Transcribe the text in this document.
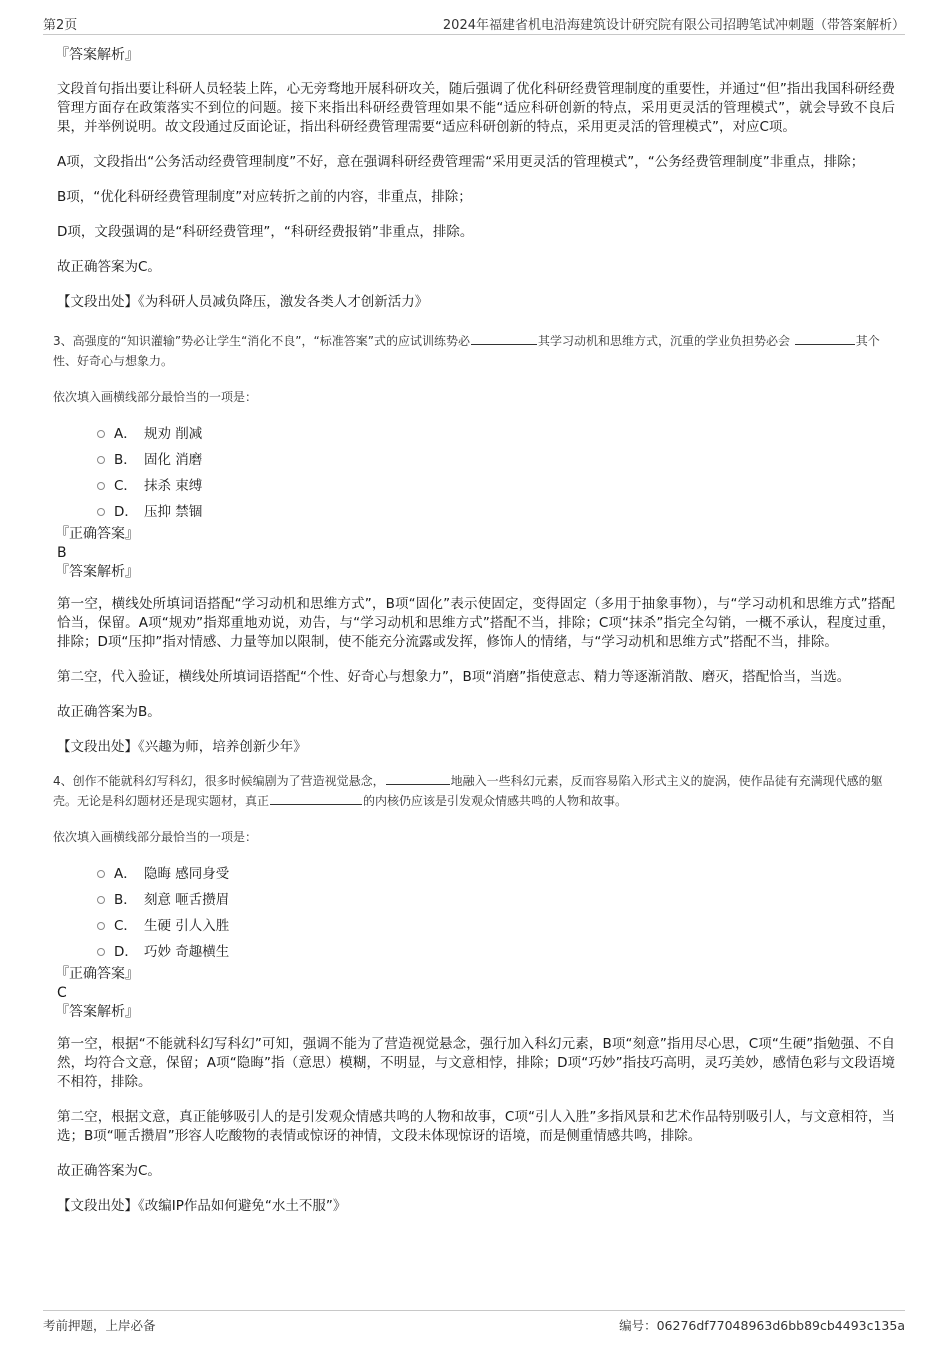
第2页	2024年福建省机电沿海建筑设计研究院有限公司招聘笔试冲刺题（带答案解析）

『答案解析』

文段首句指出要让科研人员轻装上阵，心无旁骛地开展科研攻关，随后强调了优化科研经费管理制度的重要性，并通过“但”指出我国科研经费管理方面存在政策落实不到位的问题。接下来指出科研经费管理如果不能“适应科研创新的特点，采用更灵活的管理模式”，就会导致不良后果，并举例说明。故文段通过反面论证，指出科研经费管理需要“适应科研创新的特点，采用更灵活的管理模式”，对应C项。

A项，文段指出“公务活动经费管理制度”不好，意在强调科研经费管理需“采用更灵活的管理模式”，“公务经费管理制度”非重点，排除；

B项，“优化科研经费管理制度”对应转折之前的内容，非重点，排除；

D项，文段强调的是“科研经费管理”，“科研经费报销”非重点，排除。

故正确答案为C。

【文段出处】《为科研人员减负降压，激发各类人才创新活力》

3、高强度的“知识灌输”势必让学生“消化不良”，“标准答案”式的应试训练势必	其学习动机和思维方式，沉重的学业负担势必会	其个性、好奇心与想象力。

依次填入画横线部分最恰当的一项是：

A． 规劝 削减
B． 固化 消磨
C． 抹杀 束缚
D． 压抑 禁锢

『正确答案』

B

『答案解析』

第一空，横线处所填词语搭配“学习动机和思维方式”，B项“固化”表示使固定，变得固定（多用于抽象事物），与“学习动机和思维方式”搭配恰当，保留。A项“规劝”指郑重地劝说，劝告，与“学习动机和思维方式”搭配不当，排除；C项“抹杀”指完全勾销，一概不承认，程度过重，排除；D项“压抑”指对情感、力量等加以限制，使不能充分流露或发挥，修饰人的情绪，与“学习动机和思维方式”搭配不当，排除。

第二空，代入验证，横线处所填词语搭配“个性、好奇心与想象力”，B项“消磨”指使意志、精力等逐渐消散、磨灭，搭配恰当，当选。

故正确答案为B。

【文段出处】《兴趣为师，培养创新少年》

4、创作不能就科幻写科幻，很多时候编剧为了营造视觉悬念，	地融入一些科幻元素，反而容易陷入形式主义的旋涡，使作品徒有充满现代感的躯壳。无论是科幻题材还是现实题材，真正	的内核仍应该是引发观众情感共鸣的人物和故事。

依次填入画横线部分最恰当的一项是：

A． 隐晦 感同身受
B． 刻意 咂舌攒眉
C． 生硬 引人入胜
D． 巧妙 奇趣横生

『正确答案』

C

『答案解析』

第一空，根据“不能就科幻写科幻”可知，强调不能为了营造视觉悬念，强行加入科幻元素，B项“刻意”指用尽心思，C项“生硬”指勉强、不自然，均符合文意，保留；A项“隐晦”指（意思）模糊，不明显，与文意相悖，排除；D项“巧妙”指技巧高明，灵巧美妙，感情色彩与文段语境不相符，排除。

第二空，根据文意，真正能够吸引人的是引发观众情感共鸣的人物和故事，C项“引人入胜”多指风景和艺术作品特别吸引人，与文意相符，当选；B项“咂舌攒眉”形容人吃酸物的表情或惊讶的神情，文段未体现惊讶的语境，而是侧重情感共鸣，排除。

故正确答案为C。

【文段出处】《改编IP作品如何避免“水土不服”》

考前押题，上岸必备	编号：06276df77048963d6bb89cb4493c135a
